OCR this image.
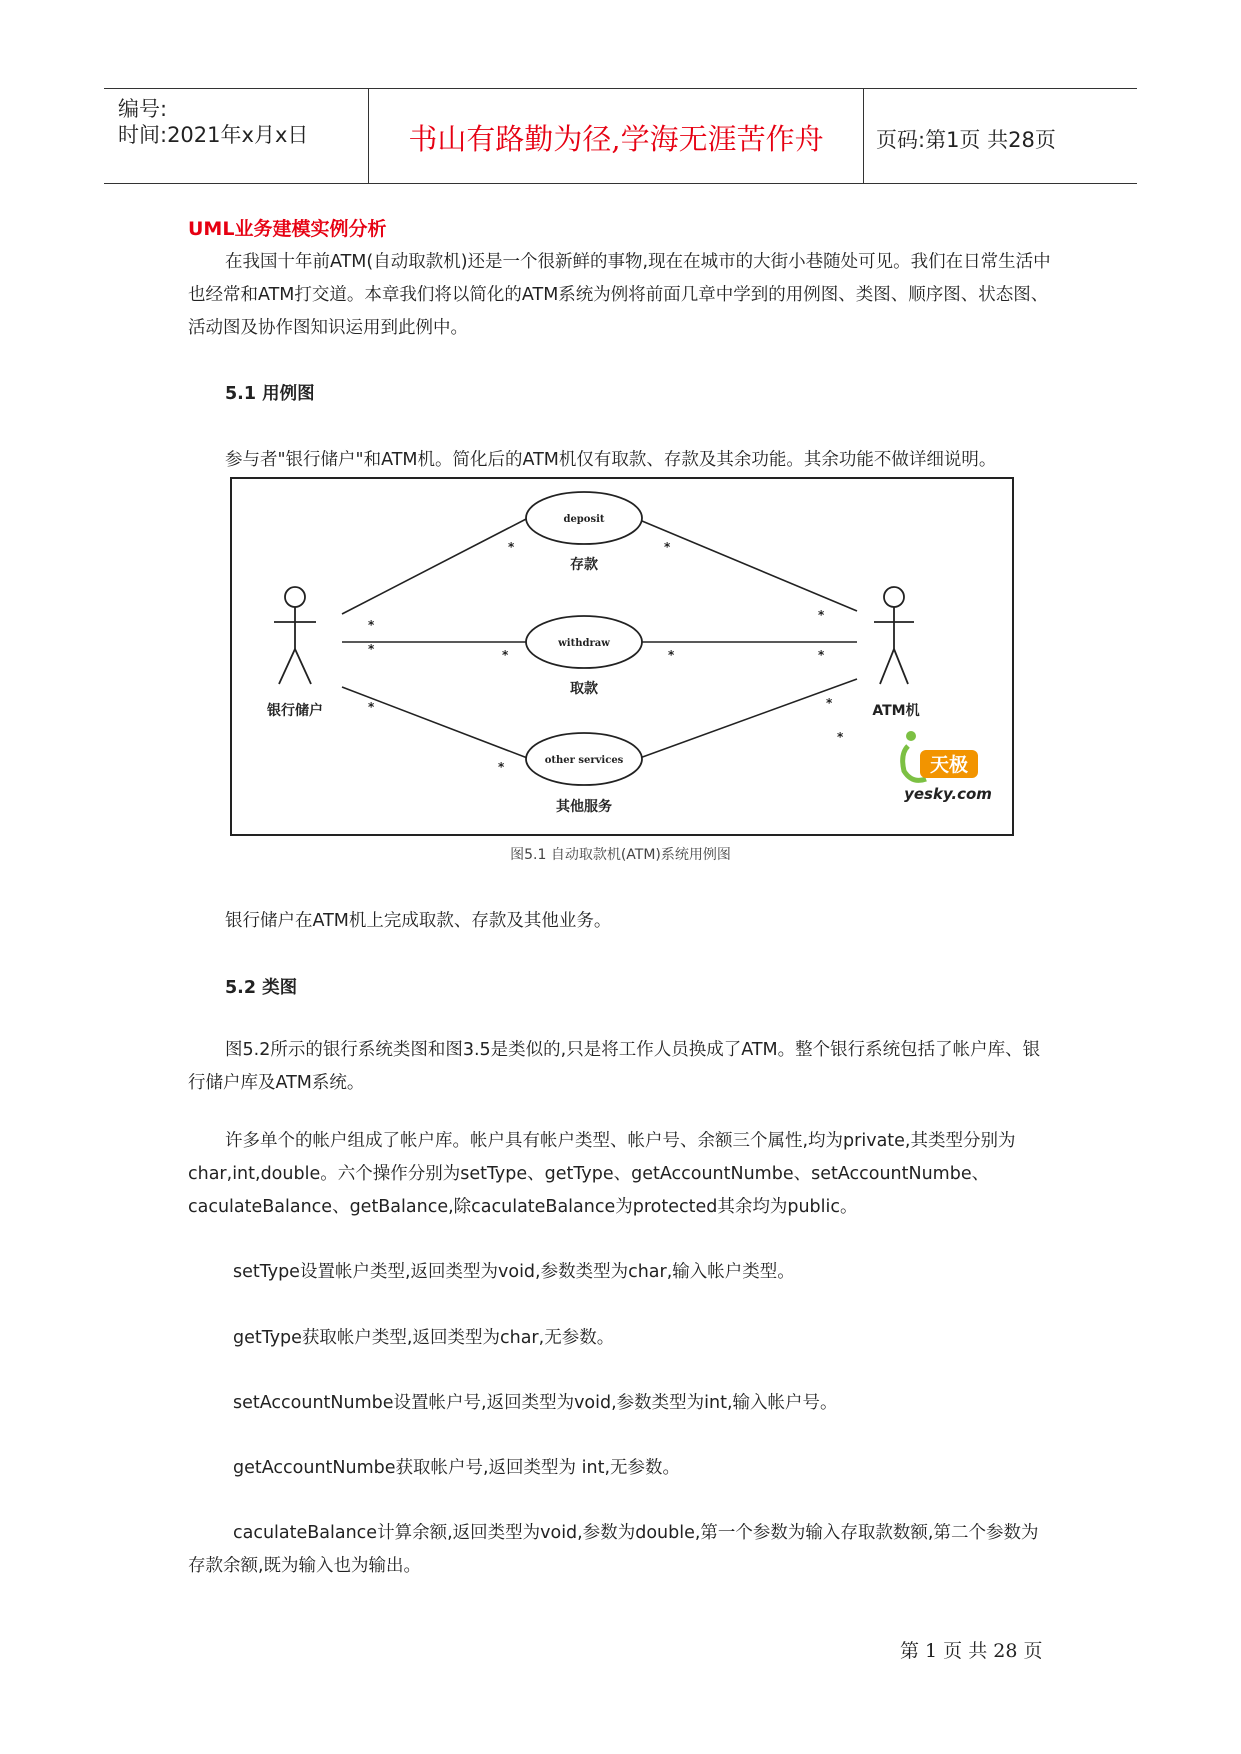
编号:
时间:2021年x月x日	书山有路勤为径,学海无涯苦作舟	页码:第1页 共28页
UML业务建模实例分析
在我国十年前ATM(自动取款机)还是一个很新鲜的事物,现在在城市的大街小巷随处可见。我们在日常生活中也经常和ATM打交道。本章我们将以简化的ATM系统为例将前面几章中学到的用例图、类图、顺序图、状态图、活动图及协作图知识运用到此例中。
5.1 用例图
参与者"银行储户"和ATM机。简化后的ATM机仅有取款、存款及其余功能。其余功能不做详细说明。
deposit
withdraw
other services
存款
取款
其他服务
银行储户	ATM机
*	*
*
*	*	*
*
*
*
*
*
*
天极
yesky.com
图5.1 自动取款机(ATM)系统用例图
银行储户在ATM机上完成取款、存款及其他业务。
5.2 类图
图5.2所示的银行系统类图和图3.5是类似的,只是将工作人员换成了ATM。整个银行系统包括了帐户库、银行储户库及ATM系统。
许多单个的帐户组成了帐户库。帐户具有帐户类型、帐户号、余额三个属性,均为private,其类型分别为char,int,double。六个操作分别为setType、getType、getAccountNumbe、setAccountNumbe、caculateBalance、getBalance,除caculateBalance为protected其余均为public。
setType设置帐户类型,返回类型为void,参数类型为char,输入帐户类型。
getType获取帐户类型,返回类型为char,无参数。
setAccountNumbe设置帐户号,返回类型为void,参数类型为int,输入帐户号。
getAccountNumbe获取帐户号,返回类型为 int,无参数。
caculateBalance计算余额,返回类型为void,参数为double,第一个参数为输入存取款数额,第二个参数为存款余额,既为输入也为输出。
第 1 页 共 28 页
